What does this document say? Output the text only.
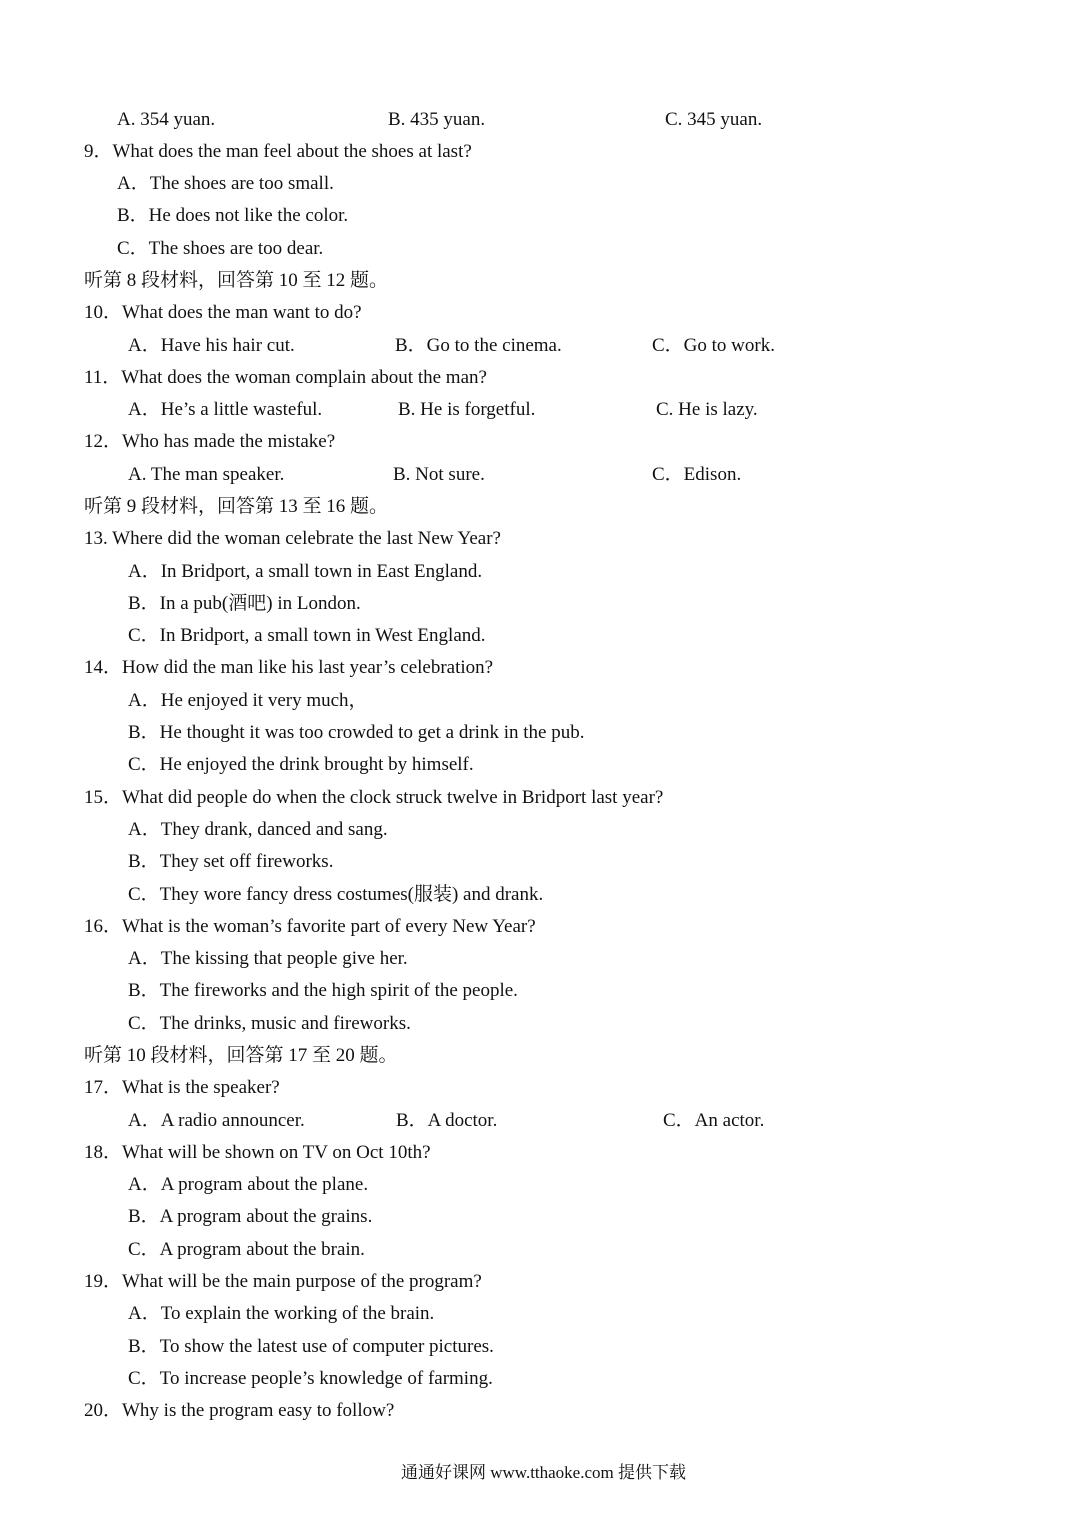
A. 354 yuan.	B. 435 yuan.	C. 345 yuan.
9．What does the man feel about the shoes at last?
A．The shoes are too small.
B．He does not like the color.
C．The shoes are too dear.
听第 8 段材料，回答第 10 至 12 题。
10．What does the man want to do?
A．Have his hair cut.	B．Go to the cinema.	C．Go to work.
11．What does the woman complain about the man?
A．He’s a little wasteful.	B. He is forgetful.	C. He is lazy.
12．Who has made the mistake?
A. The man speaker.	B. Not sure.	C．Edison.
听第 9 段材料，回答第 13 至 16 题。
13. Where did the woman celebrate the last New Year?
A．In Bridport, a small town in East England.
B．In a pub(酒吧) in London.
C．In Bridport, a small town in West England.
14．How did the man like his last year’s celebration?
A．He enjoyed it very much，
B．He thought it was too crowded to get a drink in the pub.
C．He enjoyed the drink brought by himself.
15．What did people do when the clock struck twelve in Bridport last year?
A．They drank, danced and sang.
B．They set off fireworks.
C．They wore fancy dress costumes(服装) and drank.
16．What is the woman’s favorite part of every New Year?
A．The kissing that people give her.
B．The fireworks and the high spirit of the people.
C．The drinks, music and fireworks.
听第 10 段材料，回答第 17 至 20 题。
17．What is the speaker?
A．A radio announcer.	B．A doctor.	C．An actor.
18．What will be shown on TV on Oct 10th?
A．A program about the plane.
B．A program about the grains.
C．A program about the brain.
19．What will be the main purpose of the program?
A．To explain the working of the brain.
B．To show the latest use of computer pictures.
C．To increase people’s knowledge of farming.
20．Why is the program easy to follow?
通通好课网 www.tthaoke.com 提供下载
